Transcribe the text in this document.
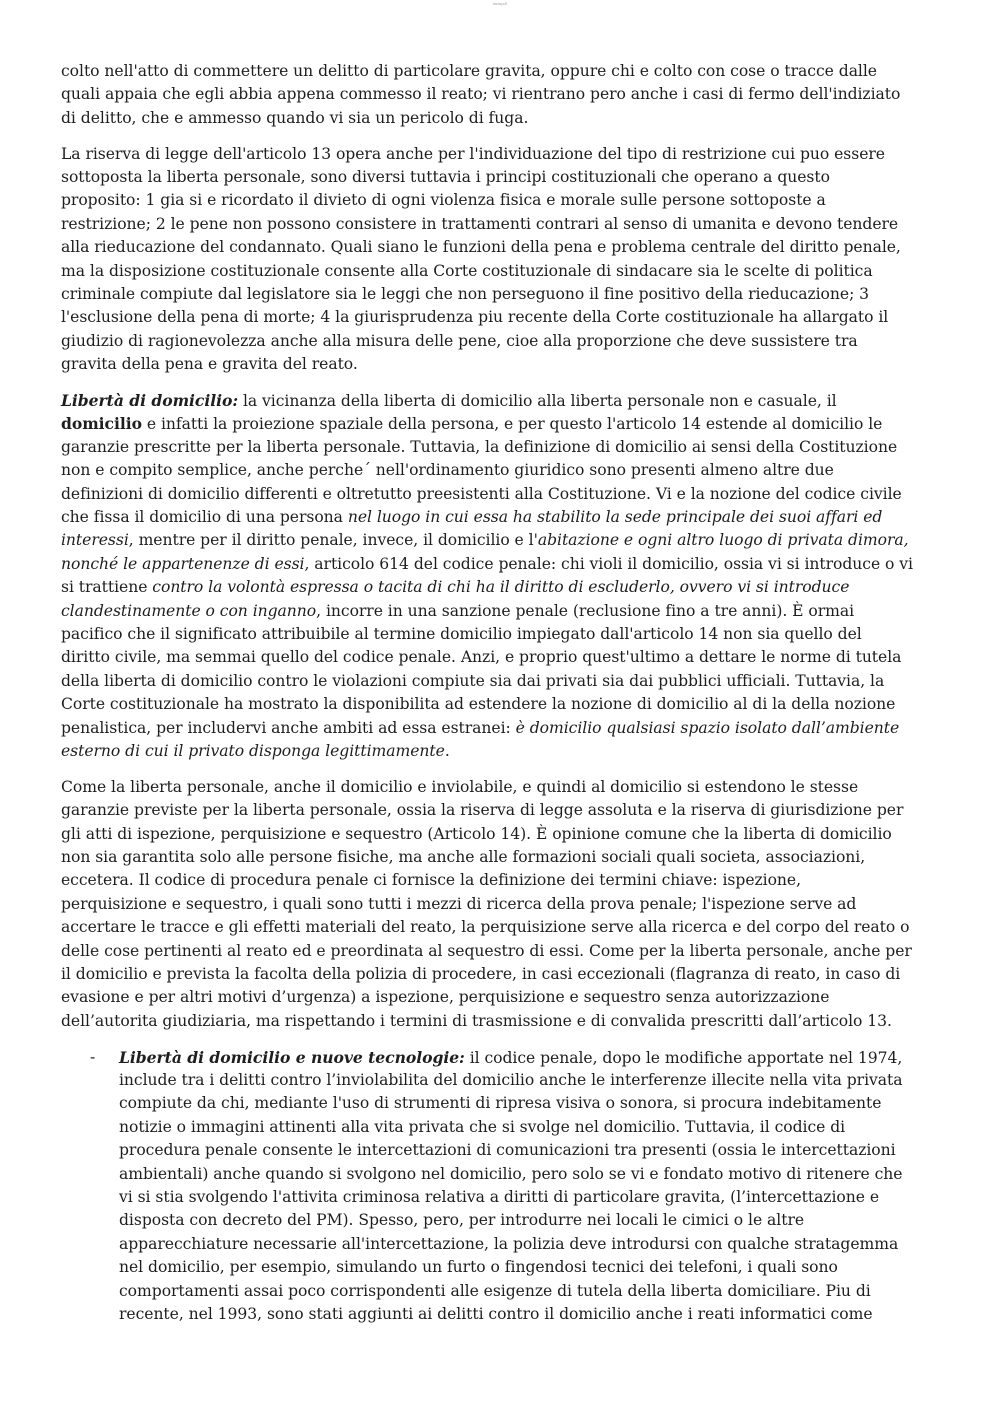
ilovepdf
colto nell'atto di commettere un delitto di particolare gravita, oppure chi e colto con cose o tracce dalle
quali appaia che egli abbia appena commesso il reato; vi rientrano pero anche i casi di fermo dell'indiziato
di delitto, che e ammesso quando vi sia un pericolo di fuga.
La riserva di legge dell'articolo 13 opera anche per l'individuazione del tipo di restrizione cui puo essere
sottoposta la liberta personale, sono diversi tuttavia i principi costituzionali che operano a questo
proposito: 1 gia si e ricordato il divieto di ogni violenza fisica e morale sulle persone sottoposte a
restrizione; 2 le pene non possono consistere in trattamenti contrari al senso di umanita e devono tendere
alla rieducazione del condannato. Quali siano le funzioni della pena e problema centrale del diritto penale,
ma la disposizione costituzionale consente alla Corte costituzionale di sindacare sia le scelte di politica
criminale compiute dal legislatore sia le leggi che non perseguono il fine positivo della rieducazione; 3
l'esclusione della pena di morte; 4 la giurisprudenza piu recente della Corte costituzionale ha allargato il
giudizio di ragionevolezza anche alla misura delle pene, cioe alla proporzione che deve sussistere tra
gravita della pena e gravita del reato.
Libertà di domicilio: la vicinanza della liberta di domicilio alla liberta personale non e casuale, il
domicilio e infatti la proiezione spaziale della persona, e per questo l'articolo 14 estende al domicilio le
garanzie prescritte per la liberta personale. Tuttavia, la definizione di domicilio ai sensi della Costituzione
non e compito semplice, anche perche´ nell'ordinamento giuridico sono presenti almeno altre due
definizioni di domicilio differenti e oltretutto preesistenti alla Costituzione. Vi e la nozione del codice civile
che fissa il domicilio di una persona nel luogo in cui essa ha stabilito la sede principale dei suoi affari ed
interessi, mentre per il diritto penale, invece, il domicilio e l'abitazione e ogni altro luogo di privata dimora,
nonché le appartenenze di essi, articolo 614 del codice penale: chi violi il domicilio, ossia vi si introduce o vi
si trattiene contro la volontà espressa o tacita di chi ha il diritto di escluderlo, ovvero vi si introduce
clandestinamente o con inganno, incorre in una sanzione penale (reclusione fino a tre anni). È ormai
pacifico che il significato attribuibile al termine domicilio impiegato dall'articolo 14 non sia quello del
diritto civile, ma semmai quello del codice penale. Anzi, e proprio quest'ultimo a dettare le norme di tutela
della liberta di domicilio contro le violazioni compiute sia dai privati sia dai pubblici ufficiali. Tuttavia, la
Corte costituzionale ha mostrato la disponibilita ad estendere la nozione di domicilio al di la della nozione
penalistica, per includervi anche ambiti ad essa estranei: è domicilio qualsiasi spazio isolato dall’ambiente
esterno di cui il privato disponga legittimamente.
Come la liberta personale, anche il domicilio e inviolabile, e quindi al domicilio si estendono le stesse
garanzie previste per la liberta personale, ossia la riserva di legge assoluta e la riserva di giurisdizione per
gli atti di ispezione, perquisizione e sequestro (Articolo 14). È opinione comune che la liberta di domicilio
non sia garantita solo alle persone fisiche, ma anche alle formazioni sociali quali societa, associazioni,
eccetera. Il codice di procedura penale ci fornisce la definizione dei termini chiave: ispezione,
perquisizione e sequestro, i quali sono tutti i mezzi di ricerca della prova penale; l'ispezione serve ad
accertare le tracce e gli effetti materiali del reato, la perquisizione serve alla ricerca e del corpo del reato o
delle cose pertinenti al reato ed e preordinata al sequestro di essi. Come per la liberta personale, anche per
il domicilio e prevista la facolta della polizia di procedere, in casi eccezionali (flagranza di reato, in caso di
evasione e per altri motivi d’urgenza) a ispezione, perquisizione e sequestro senza autorizzazione
dell’autorita giudiziaria, ma rispettando i termini di trasmissione e di convalida prescritti dall’articolo 13.
- Libertà di domicilio e nuove tecnologie: il codice penale, dopo le modifiche apportate nel 1974,
include tra i delitti contro l’inviolabilita del domicilio anche le interferenze illecite nella vita privata
compiute da chi, mediante l'uso di strumenti di ripresa visiva o sonora, si procura indebitamente
notizie o immagini attinenti alla vita privata che si svolge nel domicilio. Tuttavia, il codice di
procedura penale consente le intercettazioni di comunicazioni tra presenti (ossia le intercettazioni
ambientali) anche quando si svolgono nel domicilio, pero solo se vi e fondato motivo di ritenere che
vi si stia svolgendo l'attivita criminosa relativa a diritti di particolare gravita, (l’intercettazione e
disposta con decreto del PM). Spesso, pero, per introdurre nei locali le cimici o le altre
apparecchiature necessarie all'intercettazione, la polizia deve introdursi con qualche stratagemma
nel domicilio, per esempio, simulando un furto o fingendosi tecnici dei telefoni, i quali sono
comportamenti assai poco corrispondenti alle esigenze di tutela della liberta domiciliare. Piu di
recente, nel 1993, sono stati aggiunti ai delitti contro il domicilio anche i reati informatici come
